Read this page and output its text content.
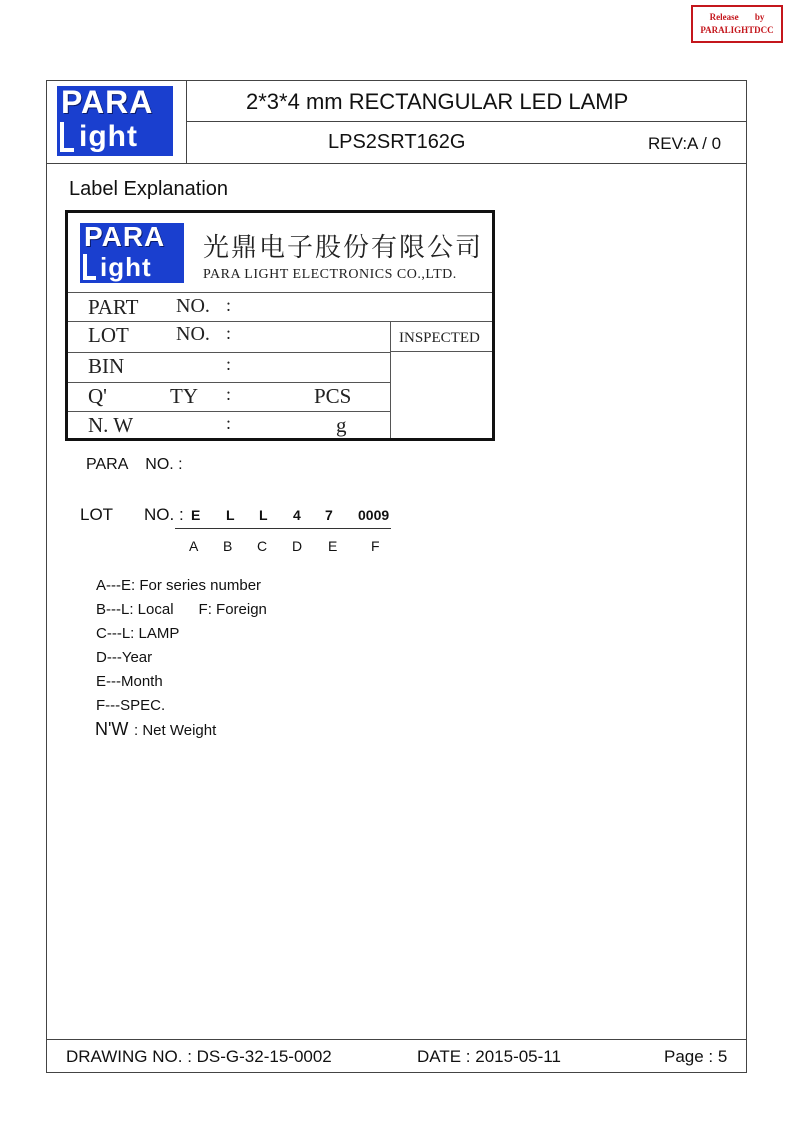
Release by
PARALIGHTDCC
PARA
ight
2*3*4 mm RECTANGULAR LED LAMP
LPS2SRT162G	REV:A / 0
Label Explanation
PARA
ight
光鼎电子股份有限公司
PARA LIGHT ELECTRONICS CO.,LTD.
PART NO. :
LOT NO. :	INSPECTED
BIN	:
Q'	TY :	PCS
N. W	:	g
PARA    NO. :
LOT NO. : E L L 4 7 0009
A B C D E F
A---E: For series number
B---L: Local      F: Foreign
C---L: LAMP
D---Year
E---Month
F---SPEC.
N'W : Net Weight
DRAWING NO. : DS-G-32-15-0002	DATE : 2015-05-11	Page : 5
